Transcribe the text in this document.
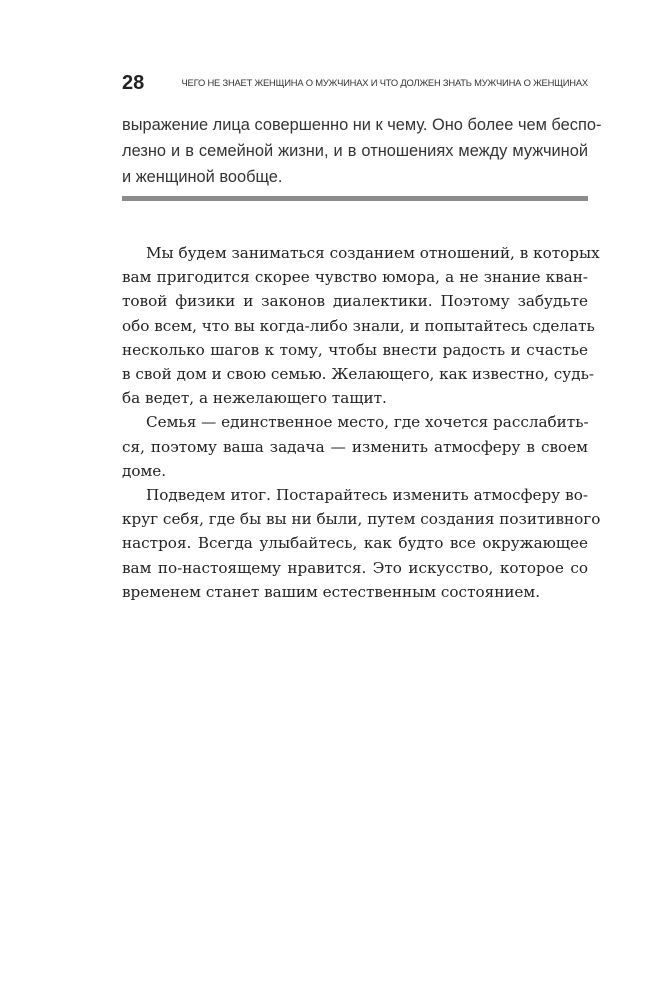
28	ЧЕГО НЕ ЗНАЕТ ЖЕНЩИНА О МУЖЧИНАХ И ЧТО ДОЛЖЕН ЗНАТЬ МУЖЧИНА О ЖЕНЩИНАХ
выражение лица совершенно ни к чему. Оно более чем беспо-
лезно и в семейной жизни, и в отношениях между мужчиной
и женщиной вообще.

Мы будем заниматься созданием отношений, в которых
вам пригодится скорее чувство юмора, а не знание кван-
товой физики и законов диалектики. Поэтому забудьте
обо всем, что вы когда-либо знали, и попытайтесь сделать
несколько шагов к тому, чтобы внести радость и счастье
в свой дом и свою семью. Желающего, как известно, судь-
ба ведет, а нежелающего тащит.

Семья — единственное место, где хочется расслабить-
ся, поэтому ваша задача — изменить атмосферу в своем
доме.

Подведем итог. Постарайтесь изменить атмосферу во-
круг себя, где бы вы ни были, путем создания позитивного
настроя. Всегда улыбайтесь, как будто все окружающее
вам по-настоящему нравится. Это искусство, которое со
временем станет вашим естественным состоянием.
